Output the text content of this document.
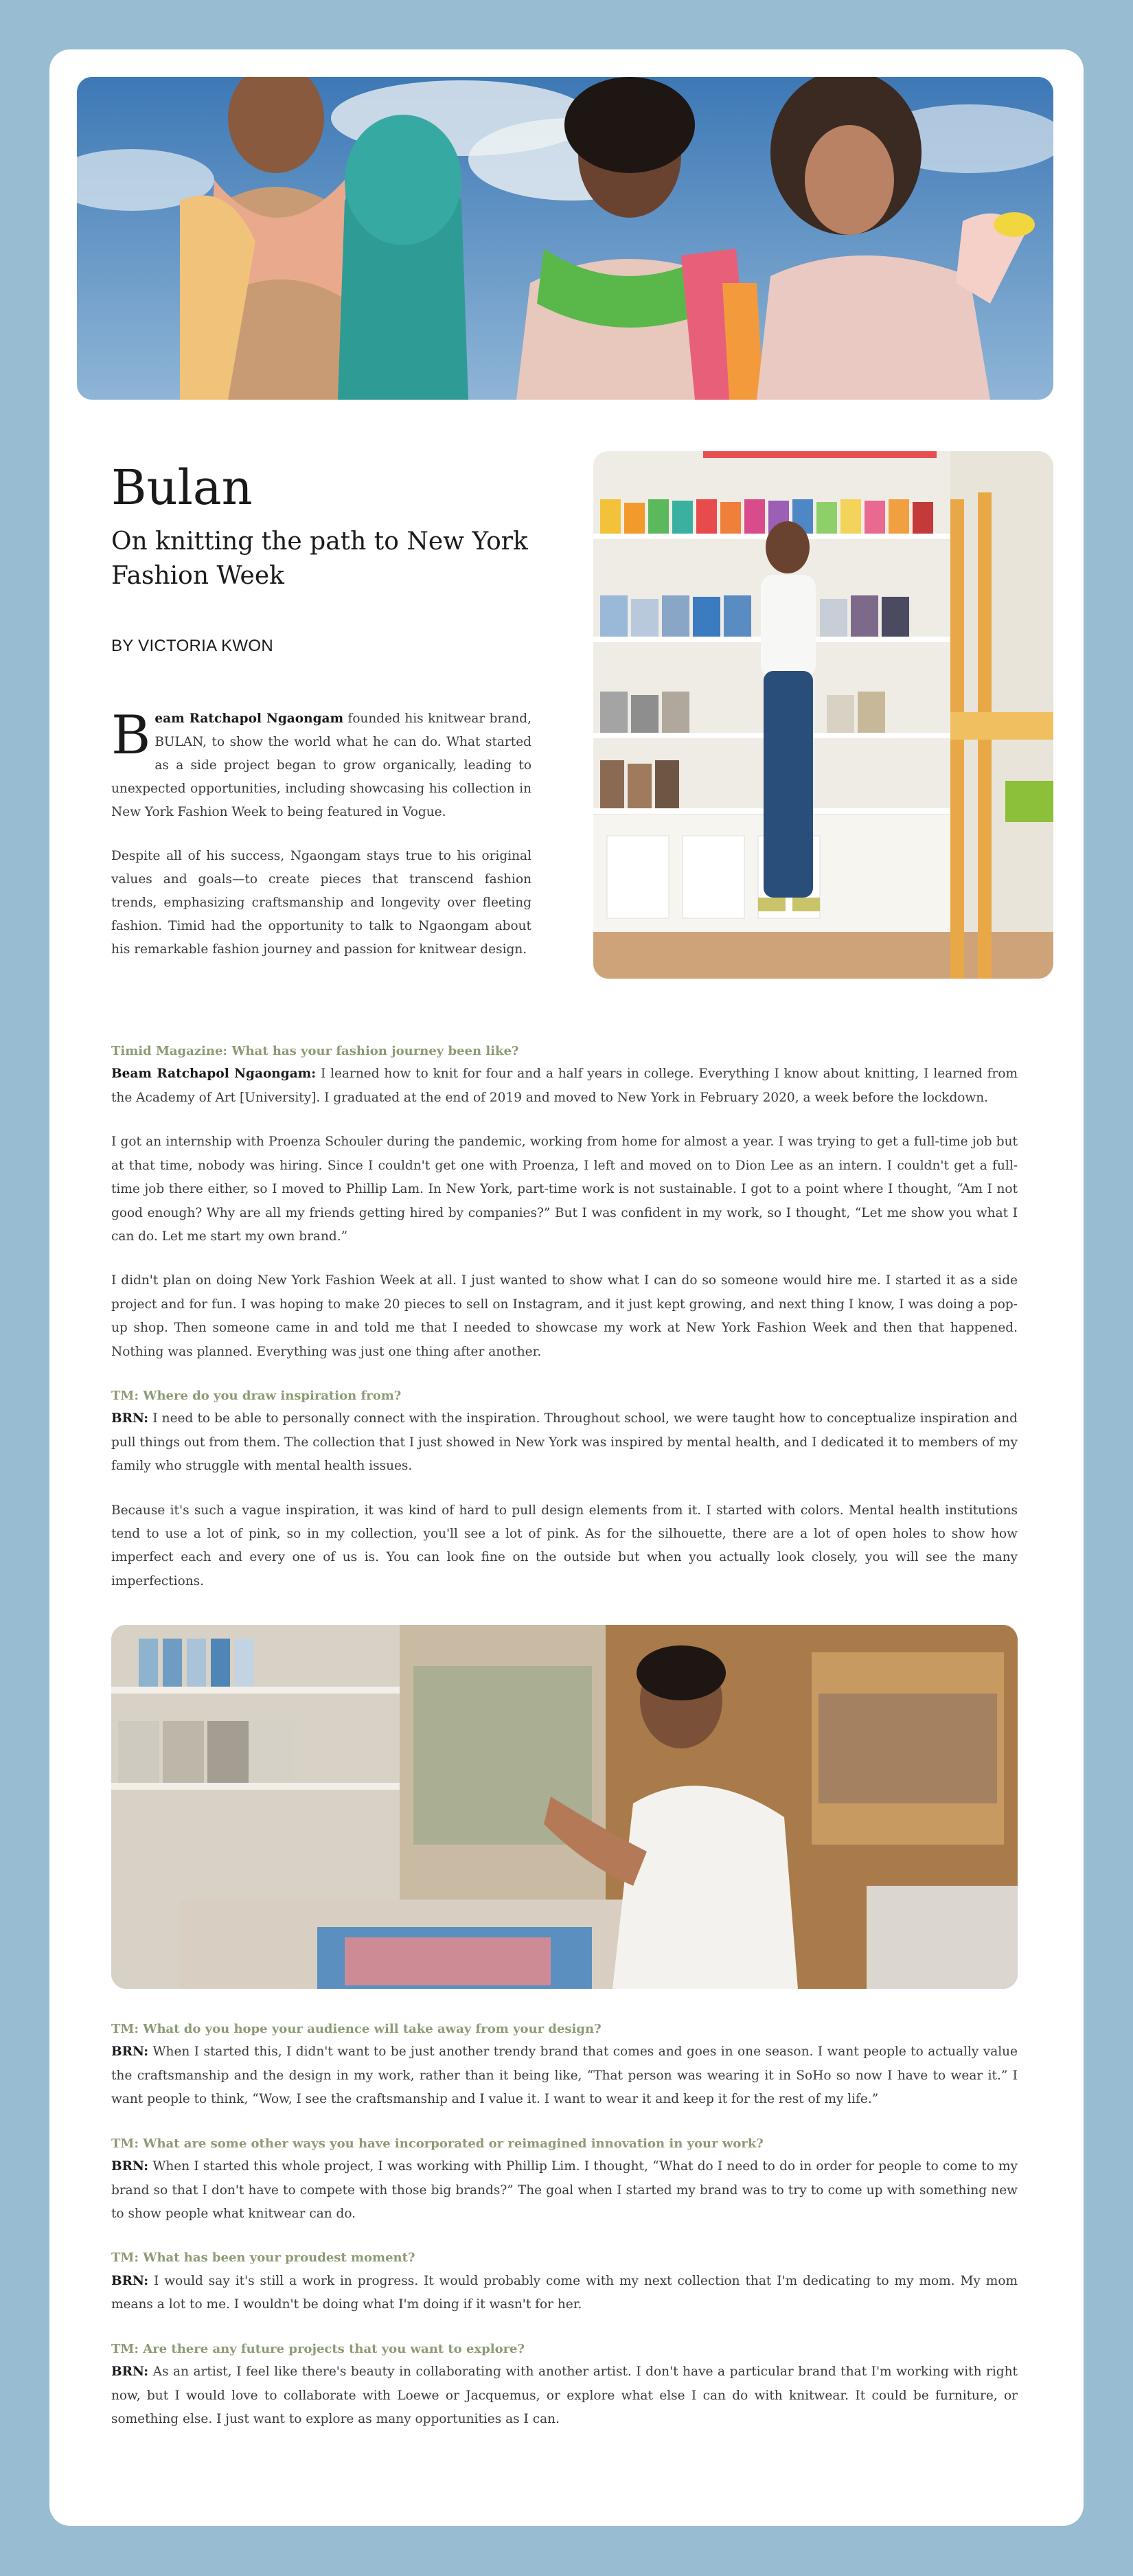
Bulan
On knitting the path to New York Fashion Week
BY VICTORIA KWON

Beam Ratchapol Ngaongam founded his knitwear brand, BULAN, to show the world what he can do. What started as a side project began to grow organically, leading to unexpected opportunities, including showcasing his collection in New York Fashion Week to being featured in Vogue.

Despite all of his success, Ngaongam stays true to his original values and goals—to create pieces that transcend fashion trends, emphasizing craftsmanship and longevity over fleeting fashion. Timid had the opportunity to talk to Ngaongam about his remarkable fashion journey and passion for knitwear design.

Timid Magazine: What has your fashion journey been like?

Beam Ratchapol Ngaongam: I learned how to knit for four and a half years in college. Everything I know about knitting, I learned from the Academy of Art [University]. I graduated at the end of 2019 and moved to New York in February 2020, a week before the lockdown.

I got an internship with Proenza Schouler during the pandemic, working from home for almost a year. I was trying to get a full-time job but at that time, nobody was hiring. Since I couldn't get one with Proenza, I left and moved on to Dion Lee as an intern. I couldn't get a full-time job there either, so I moved to Phillip Lam. In New York, part-time work is not sustainable. I got to a point where I thought, “Am I not good enough? Why are all my friends getting hired by companies?” But I was confident in my work, so I thought, “Let me show you what I can do. Let me start my own brand.”

I didn't plan on doing New York Fashion Week at all. I just wanted to show what I can do so someone would hire me. I started it as a side project and for fun. I was hoping to make 20 pieces to sell on Instagram, and it just kept growing, and next thing I know, I was doing a pop-up shop. Then someone came in and told me that I needed to showcase my work at New York Fashion Week and then that happened. Nothing was planned. Everything was just one thing after another.

TM: Where do you draw inspiration from?

BRN: I need to be able to personally connect with the inspiration. Throughout school, we were taught how to conceptualize inspiration and pull things out from them. The collection that I just showed in New York was inspired by mental health, and I dedicated it to members of my family who struggle with mental health issues.

Because it's such a vague inspiration, it was kind of hard to pull design elements from it. I started with colors. Mental health institutions tend to use a lot of pink, so in my collection, you'll see a lot of pink. As for the silhouette, there are a lot of open holes to show how imperfect each and every one of us is. You can look fine on the outside but when you actually look closely, you will see the many imperfections.

TM: What do you hope your audience will take away from your design?

BRN: When I started this, I didn't want to be just another trendy brand that comes and goes in one season. I want people to actually value the craftsmanship and the design in my work, rather than it being like, “That person was wearing it in SoHo so now I have to wear it.” I want people to think, “Wow, I see the craftsmanship and I value it. I want to wear it and keep it for the rest of my life.”

TM: What are some other ways you have incorporated or reimagined innovation in your work?

BRN: When I started this whole project, I was working with Phillip Lim. I thought, “What do I need to do in order for people to come to my brand so that I don't have to compete with those big brands?” The goal when I started my brand was to try to come up with something new to show people what knitwear can do.

TM: What has been your proudest moment?

BRN: I would say it's still a work in progress. It would probably come with my next collection that I'm dedicating to my mom. My mom means a lot to me. I wouldn't be doing what I'm doing if it wasn't for her.

TM: Are there any future projects that you want to explore?

BRN: As an artist, I feel like there's beauty in collaborating with another artist. I don't have a particular brand that I'm working with right now, but I would love to collaborate with Loewe or Jacquemus, or explore what else I can do with knitwear. It could be furniture, or something else. I just want to explore as many opportunities as I can.
